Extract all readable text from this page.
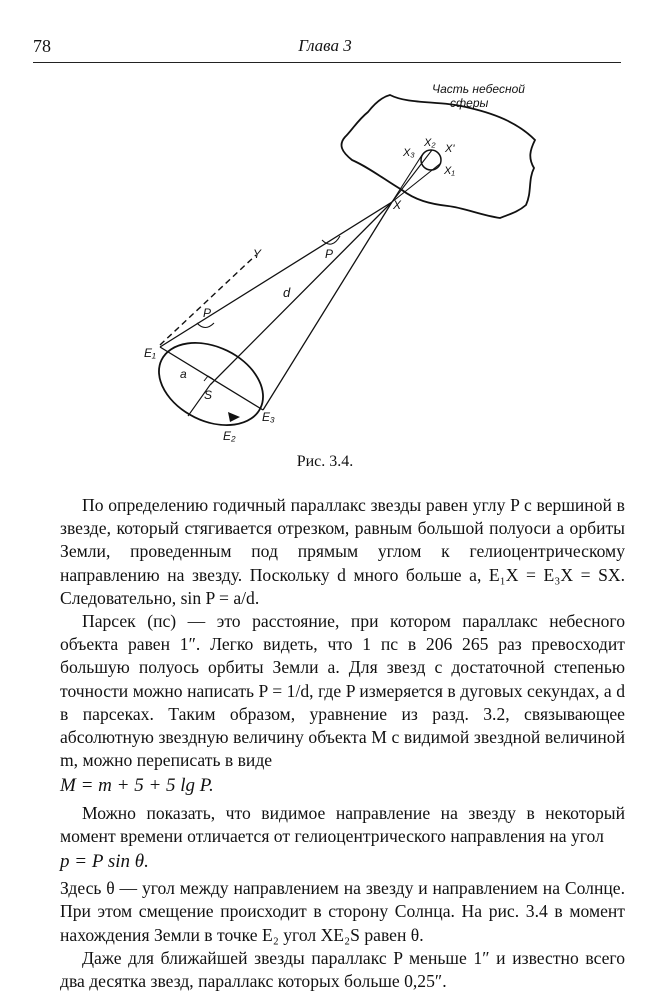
78	Глава 3
Часть небесной
сферы
X₃
X₂ X'
X₁
X
Y	P
P
d
a
S
E₁
E₂
E₃
Рис. 3.4.

По определению годичный параллакс звезды равен углу P с вершиной в звезде, который стягивается отрезком, равным большой полуоси a орбиты Земли, проведенным под прямым углом к гелиоцентрическому направлению на звезду. Поскольку d много больше a, E₁X = E₃X = SX. Следовательно, sin P = a/d.

Парсек (пс) — это расстояние, при котором параллакс небесного объекта равен 1″. Легко видеть, что 1 пс в 206 265 раз превосходит большую полуось орбиты Земли a. Для звезд с достаточной степенью точности можно написать P = 1/d, где P измеряется в дуговых секундах, а d в парсеках. Таким образом, уравнение из разд. 3.2, связывающее абсолютную звездную величину объекта M с видимой звездной величиной m, можно переписать в виде

M = m + 5 + 5 lg P.

Можно показать, что видимое направление на звезду в некоторый момент времени отличается от гелиоцентрического направления на угол

p = P sin θ.

Здесь θ — угол между направлением на звезду и направлением на Солнце. При этом смещение происходит в сторону Солнца. На рис. 3.4 в момент нахождения Земли в точке E₂ угол XE₂S равен θ.

Даже для ближайшей звезды параллакс P меньше 1″ и известно всего два десятка звезд, параллакс которых больше 0,25″.
